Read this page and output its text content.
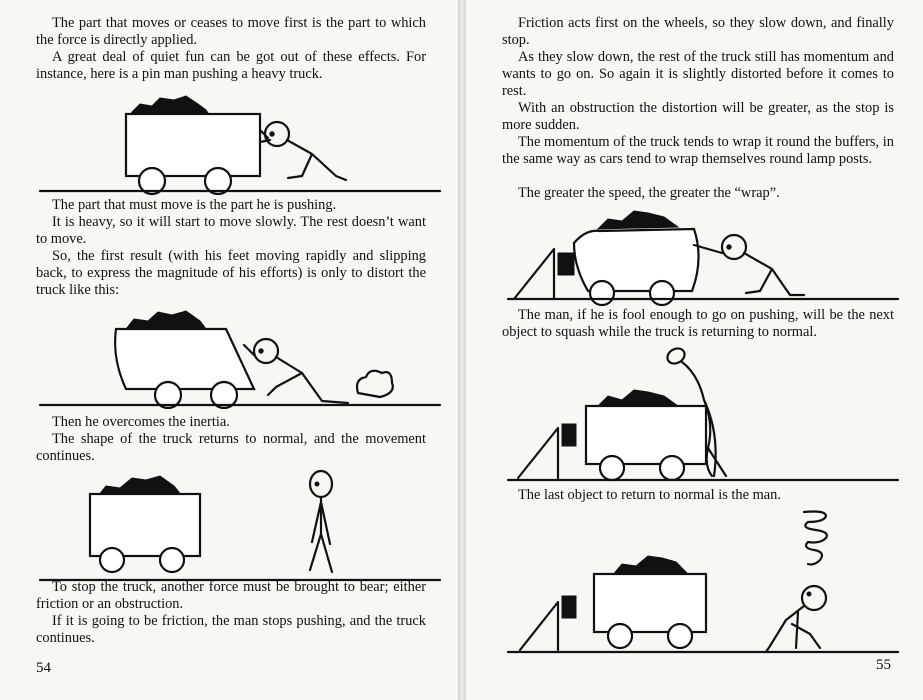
The part that moves or ceases to move first is the part to which the force is directly applied.

A great deal of quiet fun can be got out of these effects. For instance, here is a pin man pushing a heavy truck.

The part that must move is the part he is pushing.

It is heavy, so it will start to move slowly. The rest doesn’t want to move.

So, the first result (with his feet moving rapidly and slipping back, to express the magnitude of his efforts) is only to distort the truck like this:

Then he overcomes the inertia.

The shape of the truck returns to normal, and the movement continues.

To stop the truck, another force must be brought to bear; either friction or an obstruction.

If it is going to be friction, the man stops pushing, and the truck continues.

54

Friction acts first on the wheels, so they slow down, and finally stop.

As they slow down, the rest of the truck still has momentum and wants to go on. So again it is slightly distorted before it comes to rest.

With an obstruction the distortion will be greater, as the stop is more sudden.

The momentum of the truck tends to wrap it round the buffers, in the same way as cars tend to wrap themselves round lamp posts.

The greater the speed, the greater the “wrap”.

The man, if he is fool enough to go on pushing, will be the next object to squash while the truck is returning to normal.

The last object to return to normal is the man.

55
